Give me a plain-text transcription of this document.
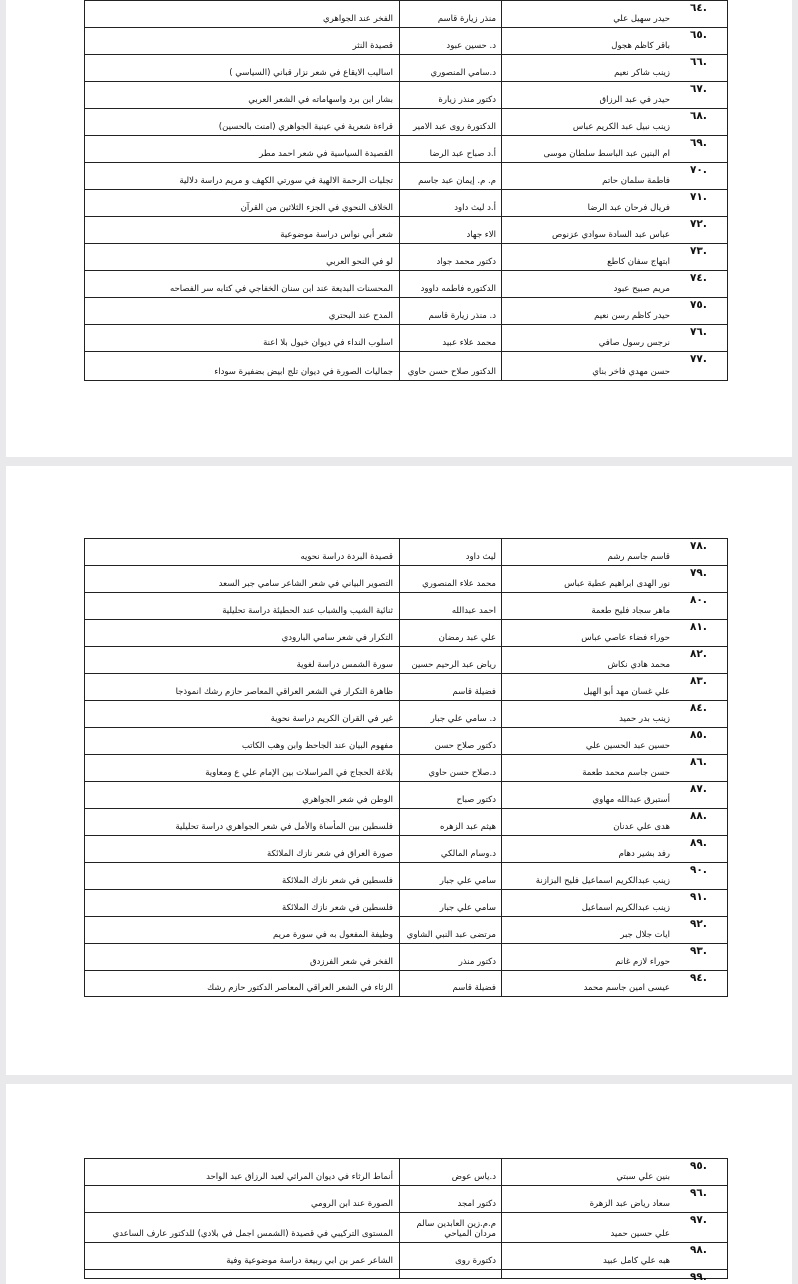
.٦٤
حيدر سهيل علي
منذر زيارة قاسم
الفخر عند الجواهري
.٦٥
باقر كاظم هجول
د. حسين عبود
قصيدة النثر
.٦٦
زينب شاكر نعيم
د.سامي المنصوري
اساليب الايقاع في شعر نزار قباني (السياسي )
.٦٧
حيدر في عبد الرزاق
دكتور منذر زيارة
بشار ابن برد واسهاماته في الشعر العربي
.٦٨
زينب نبيل عبد الكريم عباس
الدكتورة روى عبد الامير
قراءة شعرية في عينية الجواهري (امنت بالحسين)
.٦٩
ام البنين عبد الباسط سلطان موسى
أ.د صباح عبد الرضا
القصيدة السياسية في شعر احمد مطر
.٧٠
فاطمة سلمان حاتم
م. م. إيمان عبد جاسم
تجليات الرحمة الالهية في سورتي الكهف و مريم دراسة دلالية
.٧١
فريال فرحان عبد الرضا
أ.د ليث داود
الخلاف النحوي في الجزء الثلاثين من القرآن
.٧٢
عباس عبد السادة سوادي عزنوص
الاء جهاد
شعر أبي نواس دراسة موضوعية
.٧٣
ابتهاج سفان كاطع
دكتور محمد جواد
لو في النحو العربي
.٧٤
مريم صبيح عبود
الدكتوره فاطمه داوود
المحسنات البديعة عند ابن سنان الخفاجي في كتابه سر الفصاحه
.٧٥
حيدر كاظم رسن نعيم
د. منذر زيارة قاسم
المدح عند البحتري
.٧٦
نرجس رسول صافي
محمد علاء عبيد
اسلوب النداء في ديوان خيول بلا اعنة
.٧٧
حسن مهدي فاخر بناي
الدكتور صلاح حسن حاوي
جماليات الصورة في ديوان تلج ابيض بضفيرة سوداء
.٧٨
قاسم جاسم رشم
ليث داود
قصيدة البردة دراسة نحويه
.٧٩
نور الهدى ابراهيم عطية عباس
محمد علاء المنصوري
التصوير البياني في شعر الشاعر سامي جبر السعد
.٨٠
ماهر سجاد فليح طعمة
احمد عبدالله
ثنائية الشيب والشباب عند الحطيئة دراسة تحليلية
.٨١
حوراء فضاء عاصي عباس
علي عبد رمضان
التكرار في شعر سامي البارودي
.٨٢
محمد هادي نكاش
رياض عبد الرحيم حسين
سورة الشمس دراسة لغوية
.٨٣
علي غسان مهد أبو الهيل
فضيلة قاسم
ظاهرة التكرار في الشعر العراقي المعاصر حازم رشك انموذجا
.٨٤
زينب بدر حميد
د. سامي علي جبار
غير في القران الكريم دراسة نحوية
.٨٥
حسين عبد الحسين علي
دكتور صلاح حسن
مفهوم البيان عند الجاحظ وابن وهب الكاتب
.٨٦
حسن جاسم محمد طعمة
د.صلاح حسن حاوي
بلاغة الحجاج في المراسلات بين الإمام علي ع ومعاوية
.٨٧
أستبرق عبدالله مهاوي
دكتور صباح
الوطن في شعر الجواهري
.٨٨
هدى علي عدنان
هيثم عبد الزهره
فلسطين بين المأساة والأمل في شعر الجواهري دراسة تحليلية
.٨٩
رفد بشير دهام
د.وسام المالكي
صورة العراق في شعر نازك الملائكة
.٩٠
زينب عبدالكريم اسماعيل فليح البزازنة
سامي علي جبار
فلسطين في شعر نازك الملائكة
.٩١
زينب عبدالكريم اسماعيل
سامي علي جبار
فلسطين في شعر نازك الملائكة
.٩٢
ايات جلال جبر
مرتضى عبد النبي الشاوي
وظيفة المفعول به في سورة مريم
.٩٣
حوراء لازم غانم
دكتور منذر
الفخر في شعر الفرزدق
.٩٤
عيسى امين جاسم محمد
فضيلة قاسم
الرثاء في الشعر العراقي المعاصر الدكتور حازم رشك
.٩٥
بنين علي سبتي
د.ياس عوض
أنماط الرثاء في ديوان المراثي لعبد الرزاق عبد الواحد
.٩٦
سعاد رياض عبد الزهرة
دكتور امجد
الصورة عند ابن الرومي
.٩٧
علي حسين حميد
م.م.زين العابدين سالم مردان المياحي
المستوى التركيبي في قصيدة (الشمس اجمل في بلادي) للدكتور عارف الساعدي
.٩٨
هبه علي كامل عبيد
دكتورة روى
الشاعر عمر بن ابي ربيعة دراسة موضوعية وفية
.٩٩
